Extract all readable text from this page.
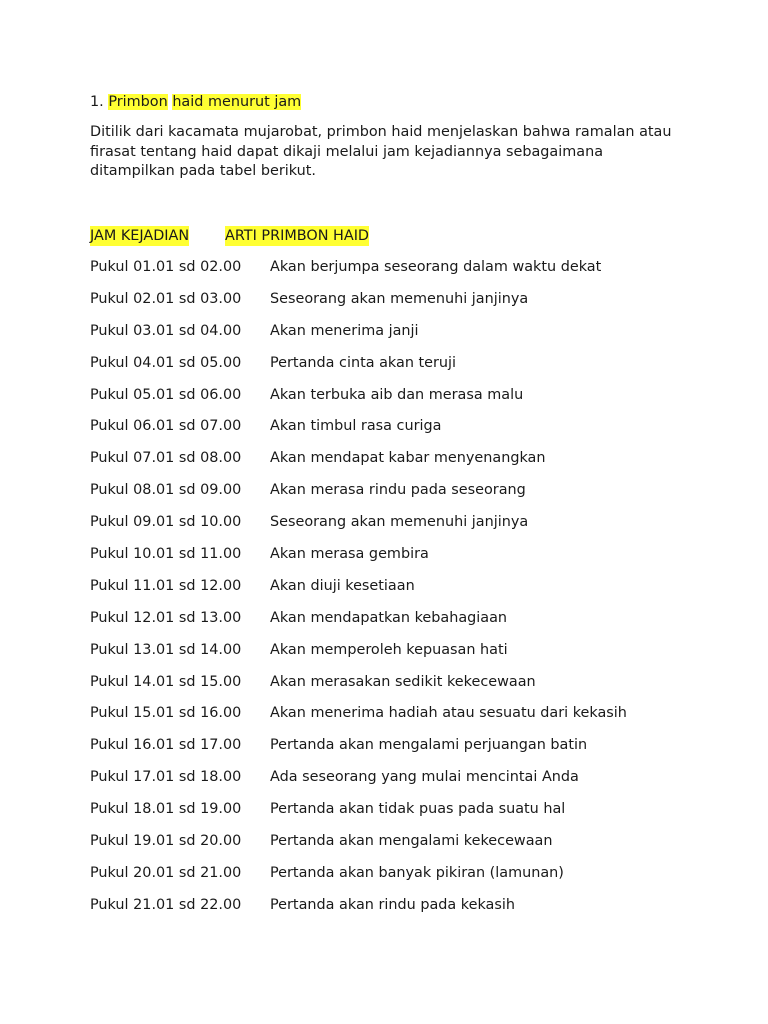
1. Primbon haid menurut jam

Ditilik dari kacamata mujarobat, primbon haid menjelaskan bahwa ramalan atau firasat tentang haid dapat dikaji melalui jam kejadiannya sebagaimana ditampilkan pada tabel berikut.

JAM KEJADIAN ARTI PRIMBON HAID
Pukul 01.01 sd 02.00 Akan berjumpa seseorang dalam waktu dekat
Pukul 02.01 sd 03.00 Seseorang akan memenuhi janjinya
Pukul 03.01 sd 04.00 Akan menerima janji
Pukul 04.01 sd 05.00 Pertanda cinta akan teruji
Pukul 05.01 sd 06.00 Akan terbuka aib dan merasa malu
Pukul 06.01 sd 07.00 Akan timbul rasa curiga
Pukul 07.01 sd 08.00 Akan mendapat kabar menyenangkan
Pukul 08.01 sd 09.00 Akan merasa rindu pada seseorang
Pukul 09.01 sd 10.00 Seseorang akan memenuhi janjinya
Pukul 10.01 sd 11.00 Akan merasa gembira
Pukul 11.01 sd 12.00 Akan diuji kesetiaan
Pukul 12.01 sd 13.00 Akan mendapatkan kebahagiaan
Pukul 13.01 sd 14.00 Akan memperoleh kepuasan hati
Pukul 14.01 sd 15.00 Akan merasakan sedikit kekecewaan
Pukul 15.01 sd 16.00 Akan menerima hadiah atau sesuatu dari kekasih
Pukul 16.01 sd 17.00 Pertanda akan mengalami perjuangan batin
Pukul 17.01 sd 18.00 Ada seseorang yang mulai mencintai Anda
Pukul 18.01 sd 19.00 Pertanda akan tidak puas pada suatu hal
Pukul 19.01 sd 20.00 Pertanda akan mengalami kekecewaan
Pukul 20.01 sd 21.00 Pertanda akan banyak pikiran (lamunan)
Pukul 21.01 sd 22.00 Pertanda akan rindu pada kekasih
